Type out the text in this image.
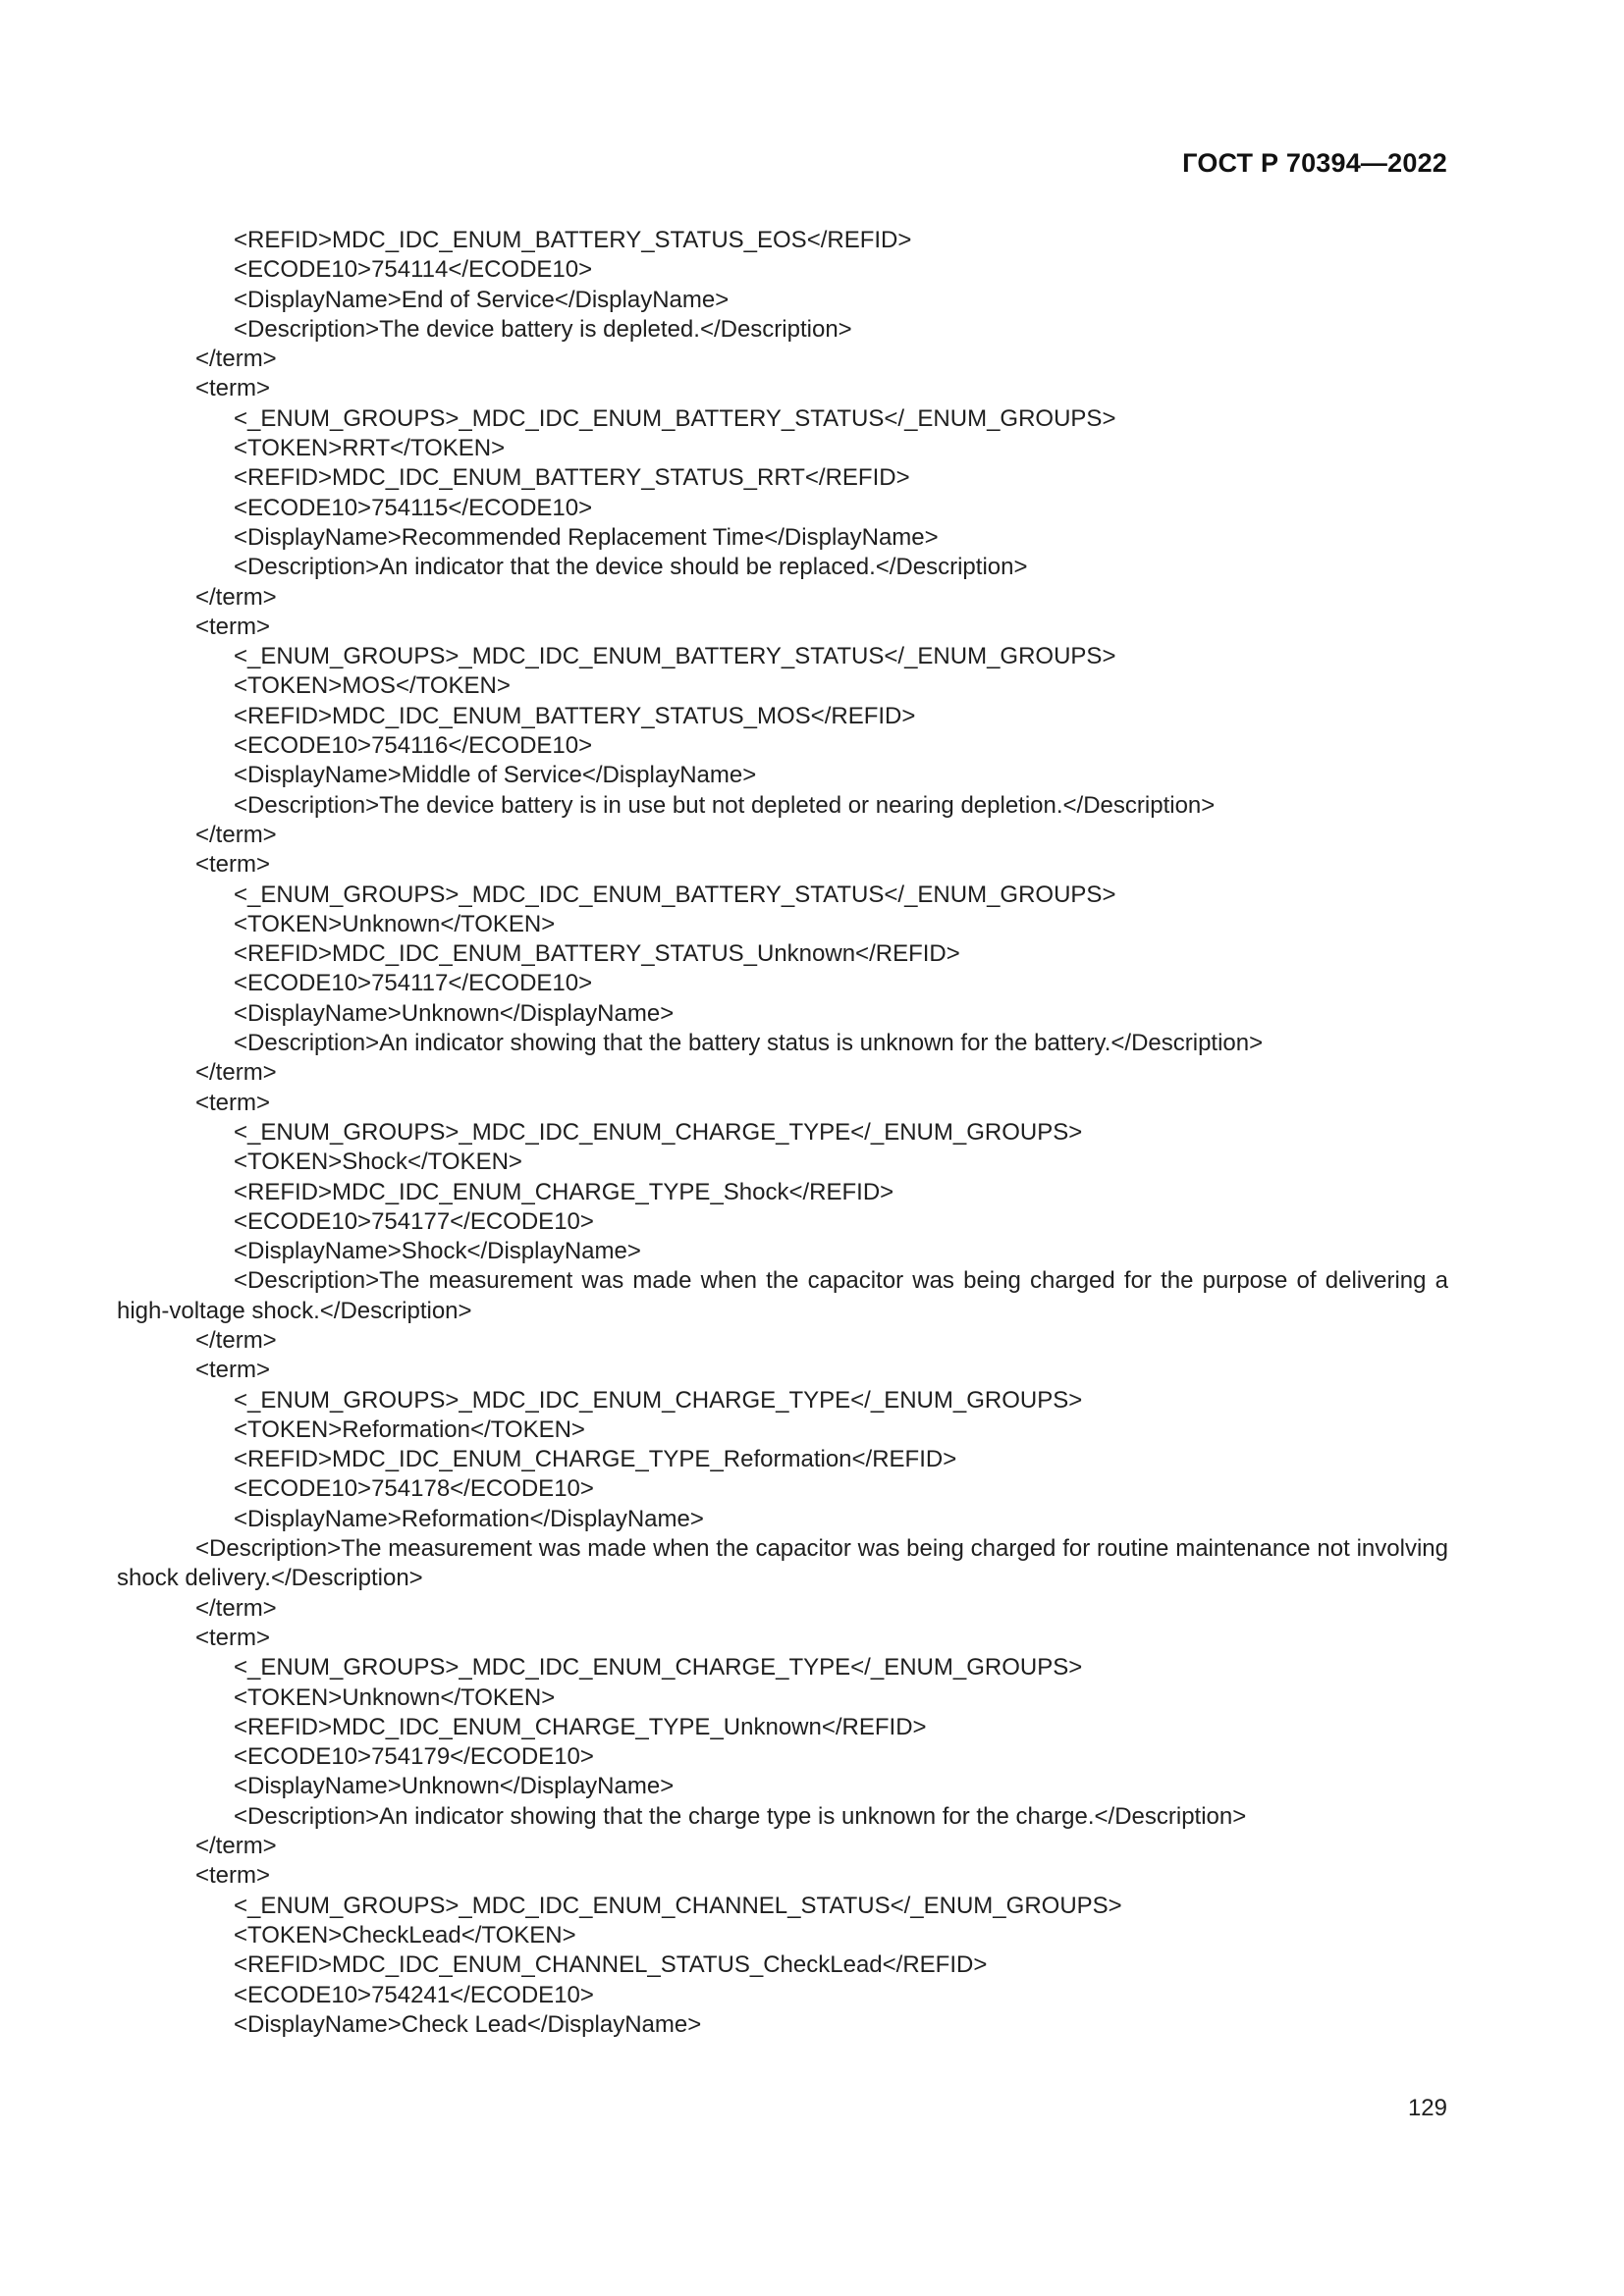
ГОСТ Р 70394—2022
<REFID>MDC_IDC_ENUM_BATTERY_STATUS_EOS</REFID>
<ECODE10>754114</ECODE10>
<DisplayName>End of Service</DisplayName>
<Description>The device battery is depleted.</Description>
</term>
<term>
<_ENUM_GROUPS>_MDC_IDC_ENUM_BATTERY_STATUS</_ENUM_GROUPS>
<TOKEN>RRT</TOKEN>
<REFID>MDC_IDC_ENUM_BATTERY_STATUS_RRT</REFID>
<ECODE10>754115</ECODE10>
<DisplayName>Recommended Replacement Time</DisplayName>
<Description>An indicator that the device should be replaced.</Description>
</term>
<term>
<_ENUM_GROUPS>_MDC_IDC_ENUM_BATTERY_STATUS</_ENUM_GROUPS>
<TOKEN>MOS</TOKEN>
<REFID>MDC_IDC_ENUM_BATTERY_STATUS_MOS</REFID>
<ECODE10>754116</ECODE10>
<DisplayName>Middle of Service</DisplayName>
<Description>The device battery is in use but not depleted or nearing depletion.</Description>
</term>
<term>
<_ENUM_GROUPS>_MDC_IDC_ENUM_BATTERY_STATUS</_ENUM_GROUPS>
<TOKEN>Unknown</TOKEN>
<REFID>MDC_IDC_ENUM_BATTERY_STATUS_Unknown</REFID>
<ECODE10>754117</ECODE10>
<DisplayName>Unknown</DisplayName>
<Description>An indicator showing that the battery status is unknown for the battery.</Description>
</term>
<term>
<_ENUM_GROUPS>_MDC_IDC_ENUM_CHARGE_TYPE</_ENUM_GROUPS>
<TOKEN>Shock</TOKEN>
<REFID>MDC_IDC_ENUM_CHARGE_TYPE_Shock</REFID>
<ECODE10>754177</ECODE10>
<DisplayName>Shock</DisplayName>
<Description>The measurement was made when the capacitor was being charged for the purpose of delivering a high-voltage shock.</Description>
</term>
<term>
<_ENUM_GROUPS>_MDC_IDC_ENUM_CHARGE_TYPE</_ENUM_GROUPS>
<TOKEN>Reformation</TOKEN>
<REFID>MDC_IDC_ENUM_CHARGE_TYPE_Reformation</REFID>
<ECODE10>754178</ECODE10>
<DisplayName>Reformation</DisplayName>
<Description>The measurement was made when the capacitor was being charged for routine maintenance not involving shock delivery.</Description>
</term>
<term>
<_ENUM_GROUPS>_MDC_IDC_ENUM_CHARGE_TYPE</_ENUM_GROUPS>
<TOKEN>Unknown</TOKEN>
<REFID>MDC_IDC_ENUM_CHARGE_TYPE_Unknown</REFID>
<ECODE10>754179</ECODE10>
<DisplayName>Unknown</DisplayName>
<Description>An indicator showing that the charge type is unknown for the charge.</Description>
</term>
<term>
<_ENUM_GROUPS>_MDC_IDC_ENUM_CHANNEL_STATUS</_ENUM_GROUPS>
<TOKEN>CheckLead</TOKEN>
<REFID>MDC_IDC_ENUM_CHANNEL_STATUS_CheckLead</REFID>
<ECODE10>754241</ECODE10>
<DisplayName>Check Lead</DisplayName>
129
